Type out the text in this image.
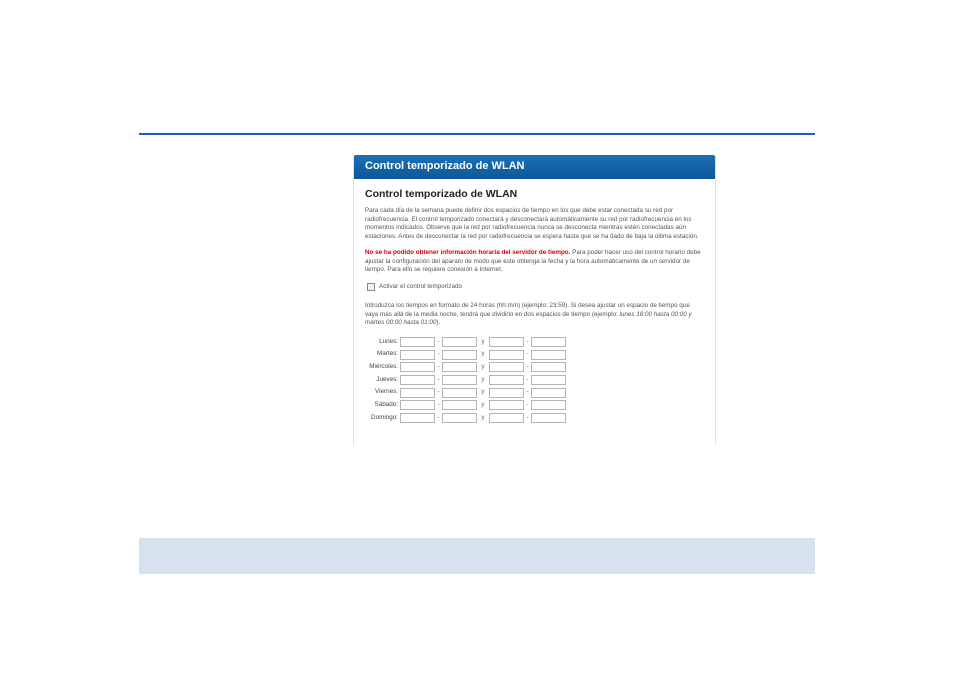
Control temporizado de WLAN
Control temporizado de WLAN

Para cada día de la semana puede definir dos espacios de tiempo en los que debe estar conectada su red por radiofrecuencia. El control temporizado conectará y desconectará automáticamente su red por radiofrecuencia en los momentos indicados. Observe que la red por radiofrecuencia nunca se desconecta mientras estén conectadas aún estaciones. Antes de desconectar la red por radiofrecuencia se espera hasta que se ha dado de baja la última estación.

No se ha podido obtener información horaria del servidor de tiempo. Para poder hacer uso del control horario debe ajustar la configuración del aparato de modo que éste obtenga la fecha y la hora automáticamente de un servidor de tiempo. Para ello se requiere conexión a Internet.

Activar el control temporizado

Introduzca los tiempos en formato de 24 horas (hh:mm) (ejemplo: 23:59). Si desea ajustar un espacio de tiempo que vaya más allá de la media noche, tendrá que dividirlo en dos espacios de tiempo (ejemplo: lunes 18:00 hasta 00:00 y martes 00:00 hasta 01:00).

Lunes:	-	y	-
Martes:	-	y	-
Miércoles:	-	y	-
Jueves:	-	y	-
Viernes:	-	y	-
Sábado:	-	y	-
Domingo:	-	y	-
